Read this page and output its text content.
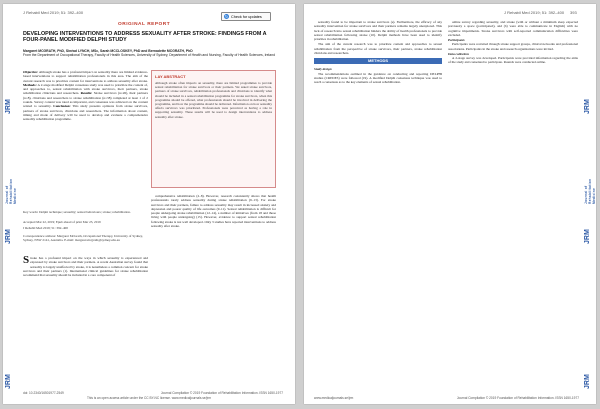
JRM
JRM
JRM
Journal of Rehabilitation Medicine
J Rehabil Med 2019; 51: 392–400
↻ Check for updates
ORIGINAL REPORT
DEVELOPING INTERVENTIONS TO ADDRESS SEXUALITY AFTER STROKE: FINDINGS FROM A FOUR-PANEL MODIFIED DELPHI STUDY
Margaret MCGRATH, PhD, Sinéad LYNCH, MSc, Sarah MCCLOSKEY, PhD and Bernadette MCGRATH, PhD
From the Department of Occupational Therapy, Faculty of Health Sciences, University of Sydney, Department of Health and Nursing, Faculty of Health Sciences, Ireland
Objective: Although stroke has a profound impact on sexuality there are limited evidence-based interventions to support rehabilitation professionals in this area. The aim of the current research was to prioritize content for interventions to address sexuality after stroke. Methods: A 2-stage modified Delphi consensus study was used to prioritize the content of, and approaches to, sexual rehabilitation with stroke survivors, their partners, stroke rehabilitation clinicians and researchers. Results: Stroke survivors (n=26), their partners (n=8), clinicians and researchers to stroke rehabilitation (n=38) completed at least 1 of 2 rounds. Survey content was rated as important, and consensus was achieved on the content related to sexuality. Conclusion: This study presents opinions from stroke survivors, partners of stroke survivors, clinicians and researchers. The information about content, timing and mode of delivery will be used to develop and evaluate a comprehensive sexuality rehabilitation programme.
LAY ABSTRACT

Although stroke often impacts on sexuality, there are limited programmes to provide sexual rehabilitation for stroke survivors or their partners. We asked stroke survivors, partners of stroke survivors, rehabilitation professionals and clinicians to identify what should be included in a sexual rehabilitation programme for stroke survivors, when this programme should be offered, what professionals should be involved in delivering the programme, and how the programme should be delivered. Information on how sexuality affects survivors was prioritized. Professionals were perceived as having a role in supporting sexuality. These results will be used to design interventions to address sexuality after stroke.

Key words: Delphi technique; sexuality; sexual behaviours; stroke; rehabilitation.
Accepted Mar 22, 2019; Epub ahead of print Mar 23, 2019
J Rehabil Med 2019; 51: 392–400
Correspondence address: Margaret McGrath, Occupational Therapy, University of Sydney, Sydney, NSW 2141, Australia. E-mail: margaret.mcgrath@sydney.edu.au
S troke has a profound impact on the ways in which sexuality is experienced and expressed by stroke survivors and their partners. A recent Australian survey found that sexuality is largely unaffected by stroke, it is nonetheless a common concern for stroke survivors and their partners (1). International clinical guidelines for stroke rehabilitation recommend that sexuality should be included in a core component of

comprehensive rehabilitation (2–8). However, research consistently shows that health professionals rarely address sexuality during stroke rehabilitation (9–13). For stroke survivors and their partners, failure to address sexuality may result in increased anxiety and depression and poorer quality of life outcomes (9–11). Sexual rehabilitation is difficult for people undergoing stroke rehabilitation (12–14), a number of initiatives (from 18 and those living with people undergoing) (15). However, evidence to support sexual rehabilitation following stroke is not well developed. Only 3 studies have reported interventions to address sexuality after stroke.

doi: 10.2340/16501977-2549
This is an open access article under the CC BY-NC license. www.medicaljournals.se/jrm
Journal Compilation © 2019 Foundation of Rehabilitation Information. ISSN 1650-1977
JRM
JRM
JRM
Journal of Rehabilitation Medicine
J Rehabil Med 2019; 51: 392–400 393

sexuality found to be important to stroke survivors (e). Furthermore, the efficacy of any sexuality intervention for stroke survivors and their partners remains largely unexplored. This lack of research into sexual rehabilitation hinders the ability of health professionals to provide sexual rehabilitation following stroke (10). Delphi methods have been used to identify priorities in rehabilitation.

The aim of the current research was to prioritize content and approaches to sexual rehabilitation from the perspective of stroke survivors, their partners, stroke rehabilitation clinicians and researchers.

METHODS
Study design

The recommendations outlined in the guidance on conducting and reporting DELPHI studies (CREDES) were followed (19). A modified Delphi consensus technique was used to reach a consensus as to the key elements of sexual rehabilitation.

online survey regarding sexuality, and stroke (with or without a minimum sleep expected previously a space (participated), and (b) were able to communicate in English) with no cognitive impairments. Stroke survivors with self-reported communication difficulties were excluded.

Participants

Participants were recruited through stroke support groups, clinical networks and professional associations. Participants in the stroke and research organizations were invited.

Data collection

A 2-stage survey was developed. Participants were provided information regarding the aims of the study and consented to participate. Rounds were conducted online.

www.medicaljournals.se/jrm	Journal Compilation © 2019 Foundation of Rehabilitation Information. ISSN 1650-1977
